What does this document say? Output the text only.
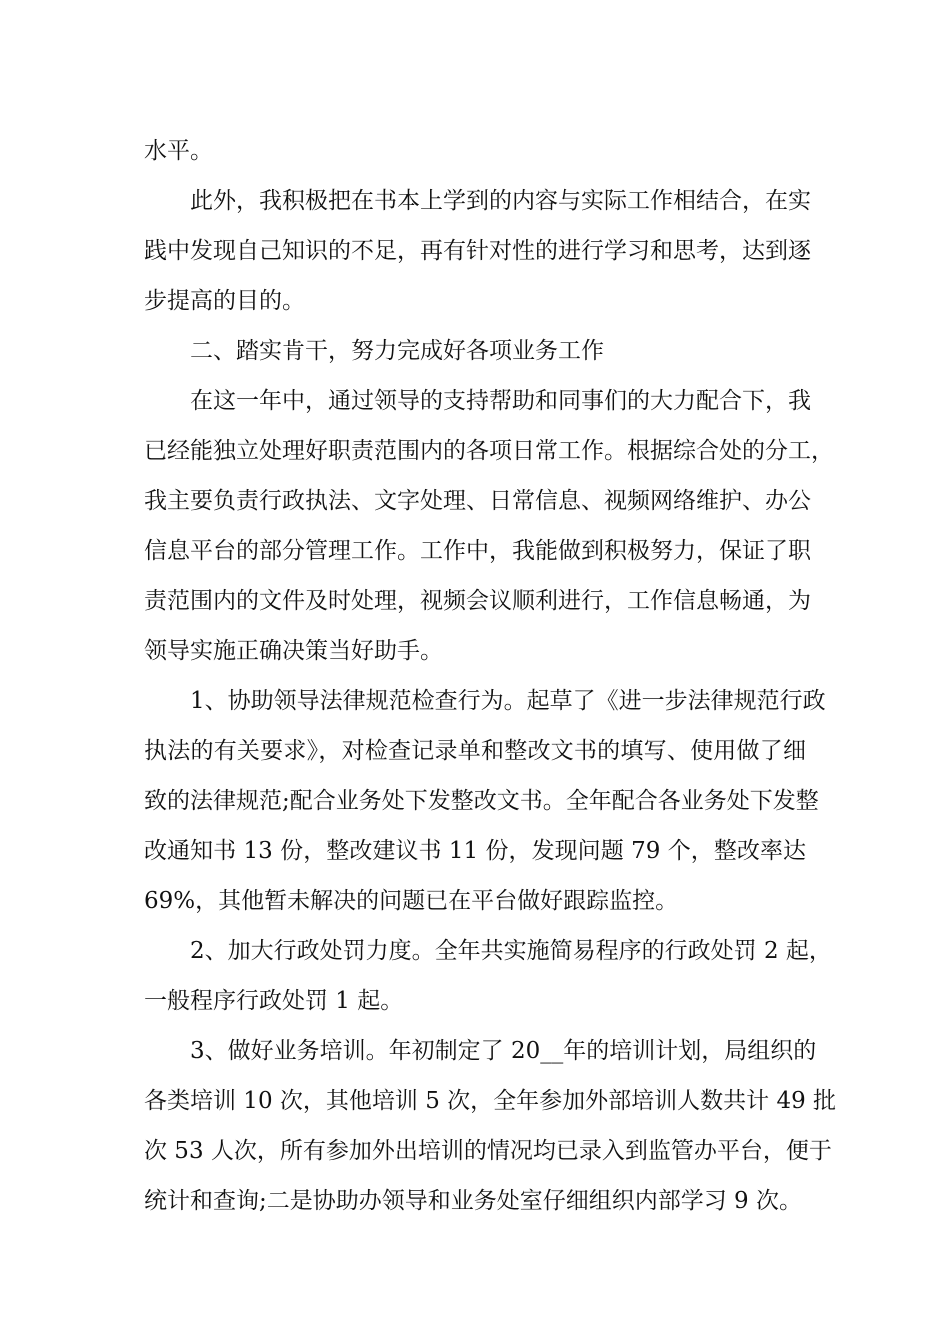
水平。
此外，我积极把在书本上学到的内容与实际工作相结合，在实
践中发现自己知识的不足，再有针对性的进行学习和思考，达到逐
步提高的目的。
二、踏实肯干，努力完成好各项业务工作
在这一年中，通过领导的支持帮助和同事们的大力配合下，我
已经能独立处理好职责范围内的各项日常工作。根据综合处的分工，
我主要负责行政执法、文字处理、日常信息、视频网络维护、办公
信息平台的部分管理工作。工作中，我能做到积极努力，保证了职
责范围内的文件及时处理，视频会议顺利进行，工作信息畅通，为
领导实施正确决策当好助手。
1、协助领导法律规范检查行为。起草了《进一步法律规范行政
执法的有关要求》，对检查记录单和整改文书的填写、使用做了细
致的法律规范;配合业务处下发整改文书。全年配合各业务处下发整
改通知书 13 份，整改建议书 11 份，发现问题 79 个，整改率达
69%，其他暂未解决的问题已在平台做好跟踪监控。
2、加大行政处罚力度。全年共实施简易程序的行政处罚 2 起，
一般程序行政处罚 1 起。
3、做好业务培训。年初制定了 20__年的培训计划，局组织的
各类培训 10 次，其他培训 5 次，全年参加外部培训人数共计 49 批
次 53 人次，所有参加外出培训的情况均已录入到监管办平台，便于
统计和查询;二是协助办领导和业务处室仔细组织内部学习 9 次。
